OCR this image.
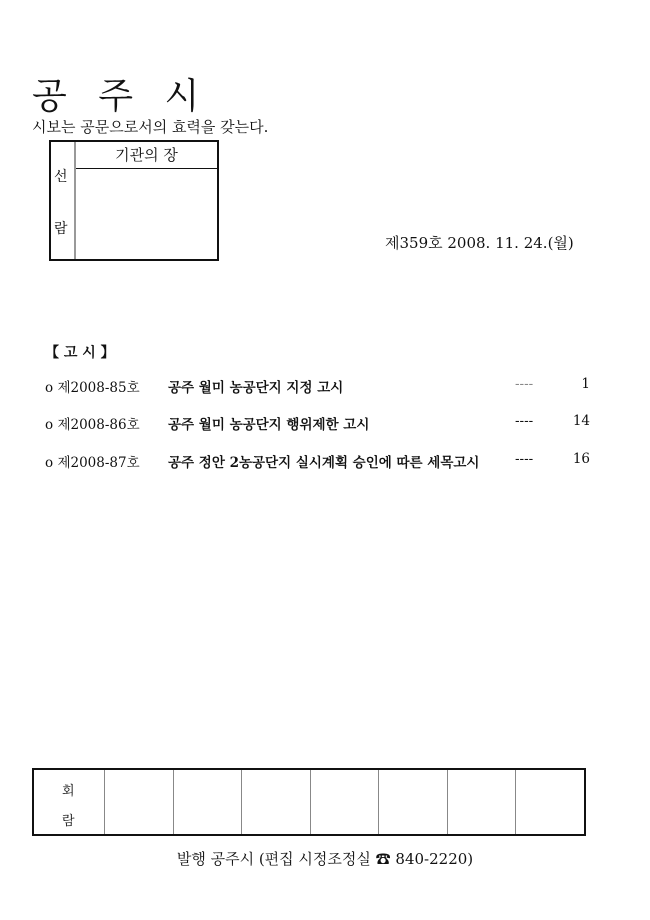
공 주 시
시보는 공문으로서의 효력을 갖는다.
선
람
기관의 장
제359호 2008. 11. 24.(월)
【 고 시 】
o 제2008-85호 공주 월미 농공단지 지정 고시	----	1
o 제2008-86호 공주 월미 농공단지 행위제한 고시	----	14
o 제2008-87호 공주 정안 2농공단지 실시계획 승인에 따른 세목고시	----	16
회
람
발행 공주시 (편집 시정조정실 ☎ 840-2220)
